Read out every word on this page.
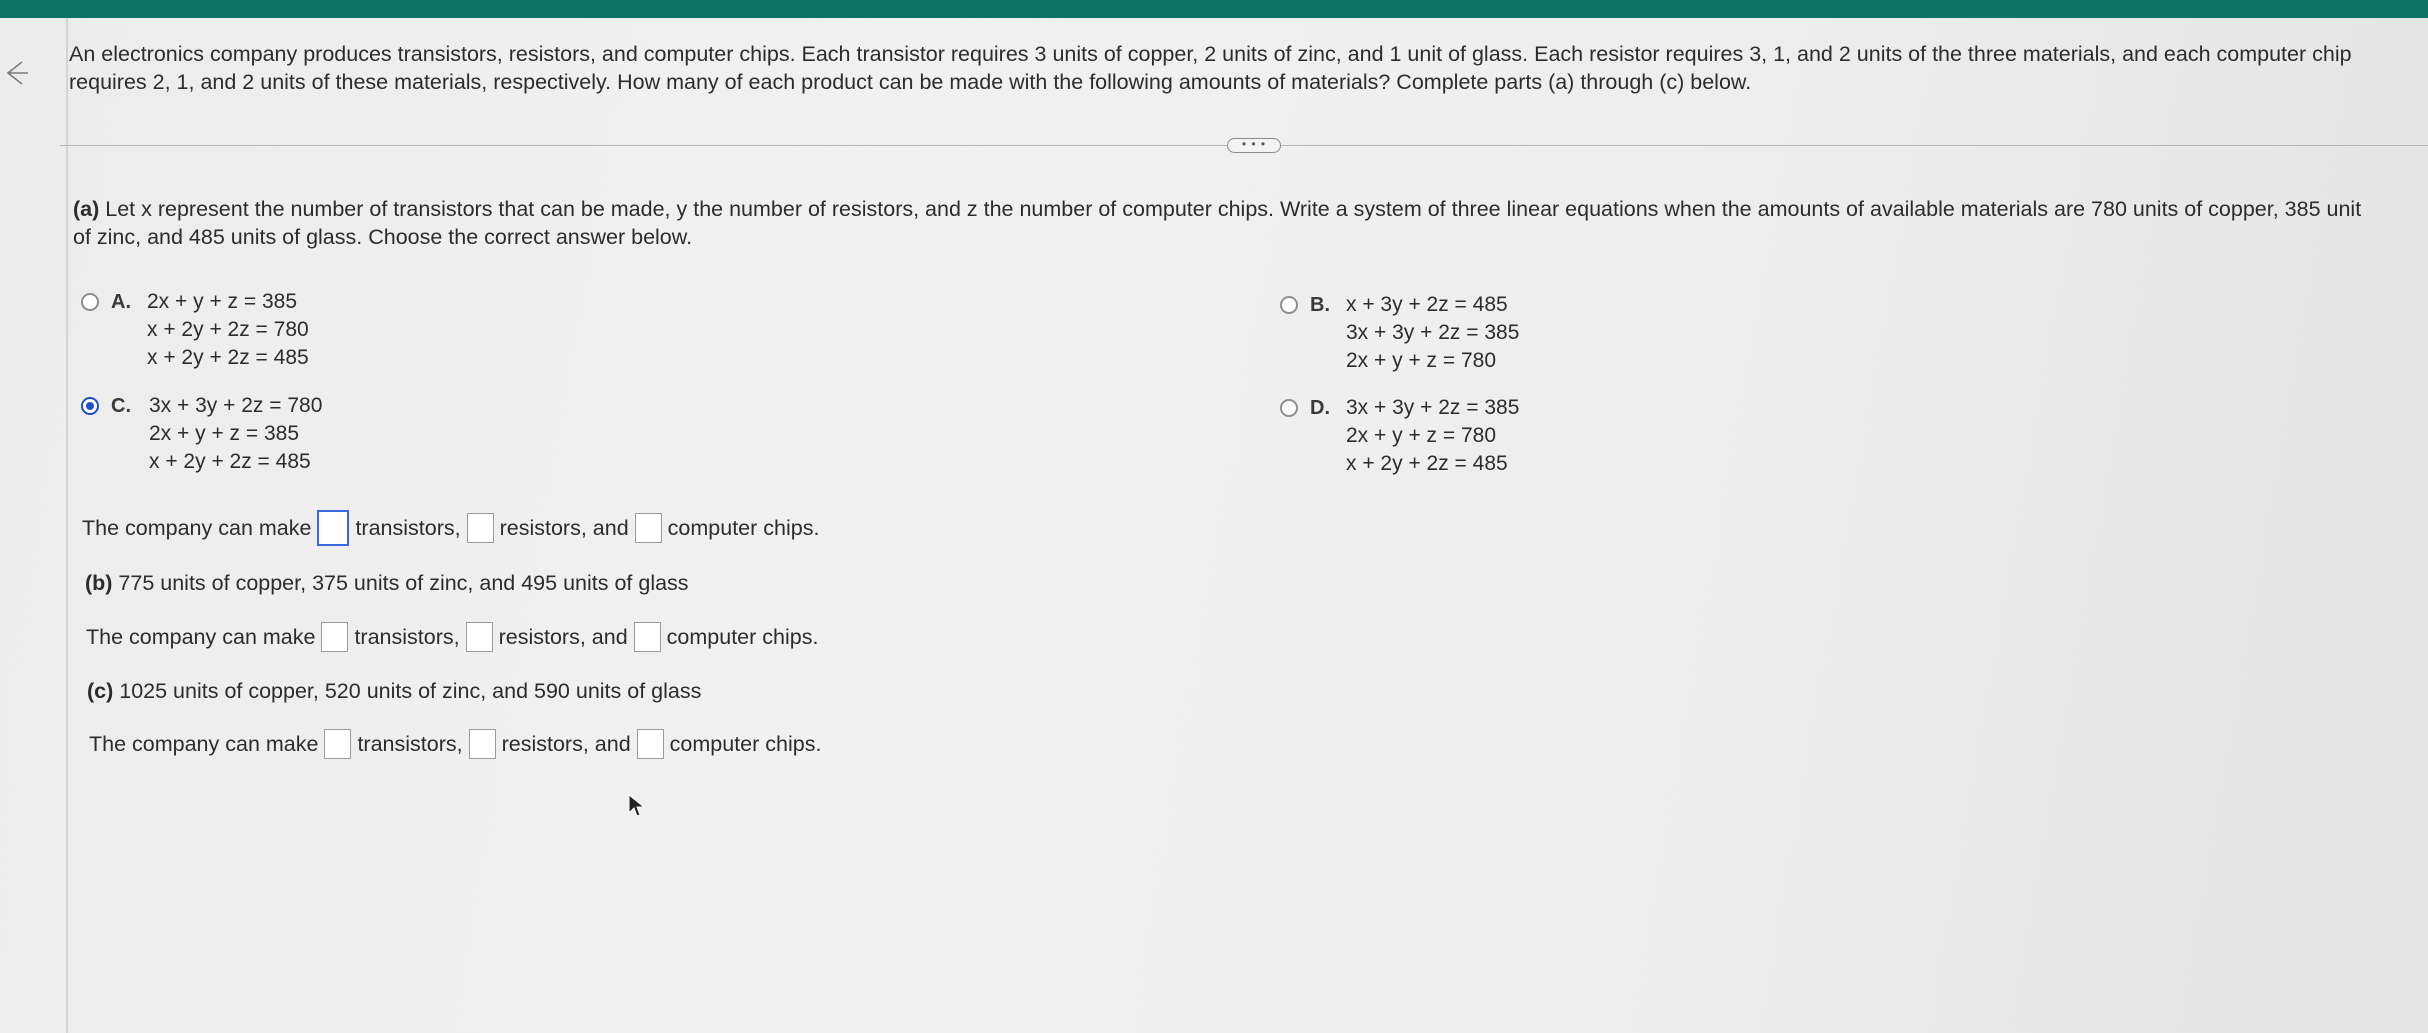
An electronics company produces transistors, resistors, and computer chips. Each transistor requires 3 units of copper, 2 units of zinc, and 1 unit of glass. Each resistor requires 3, 1, and 2 units of the three materials, and each computer chip
requires 2, 1, and 2 units of these materials, respectively. How many of each product can be made with the following amounts of materials? Complete parts (a) through (c) below.
• • •
(a) Let x represent the number of transistors that can be made, y the number of resistors, and z the number of computer chips. Write a system of three linear equations when the amounts of available materials are 780 units of copper, 385 unit
of zinc, and 485 units of glass. Choose the correct answer below.
A. 2x + y + z = 385
x + 2y + 2z = 780
x + 2y + 2z = 485
B. x + 3y + 2z = 485
3x + 3y + 2z = 385
2x + y + z = 780
C. 3x + 3y + 2z = 780
2x + y + z = 385
x + 2y + 2z = 485
D. 3x + 3y + 2z = 385
2x + y + z = 780
x + 2y + 2z = 485
The company can make transistors, resistors, and computer chips.
(b) 775 units of copper, 375 units of zinc, and 495 units of glass
The company can make transistors, resistors, and computer chips.
(c) 1025 units of copper, 520 units of zinc, and 590 units of glass
The company can make transistors, resistors, and computer chips.
